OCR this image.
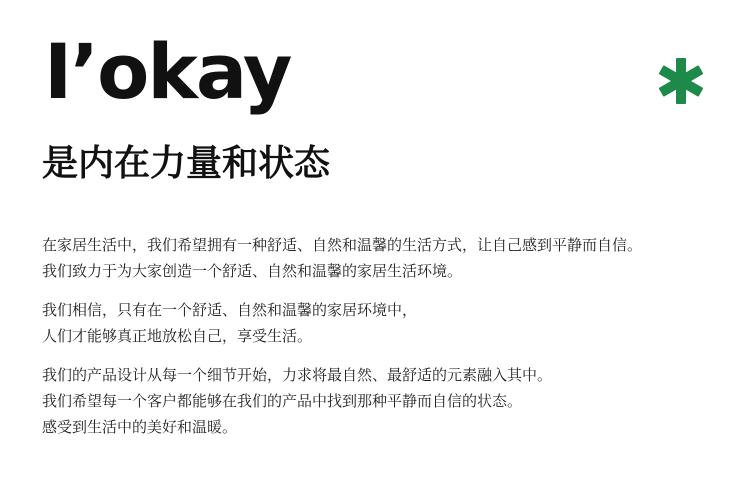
I’okay
是内在力量和状态
在家居生活中，我们希望拥有一种舒适、自然和温馨的生活方式，让自己感到平静而自信。
我们致力于为大家创造一个舒适、自然和温馨的家居生活环境。
我们相信，只有在一个舒适、自然和温馨的家居环境中，
人们才能够真正地放松自己，享受生活。
我们的产品设计从每一个细节开始，力求将最自然、最舒适的元素融入其中。
我们希望每一个客户都能够在我们的产品中找到那种平静而自信的状态。
感受到生活中的美好和温暖。
